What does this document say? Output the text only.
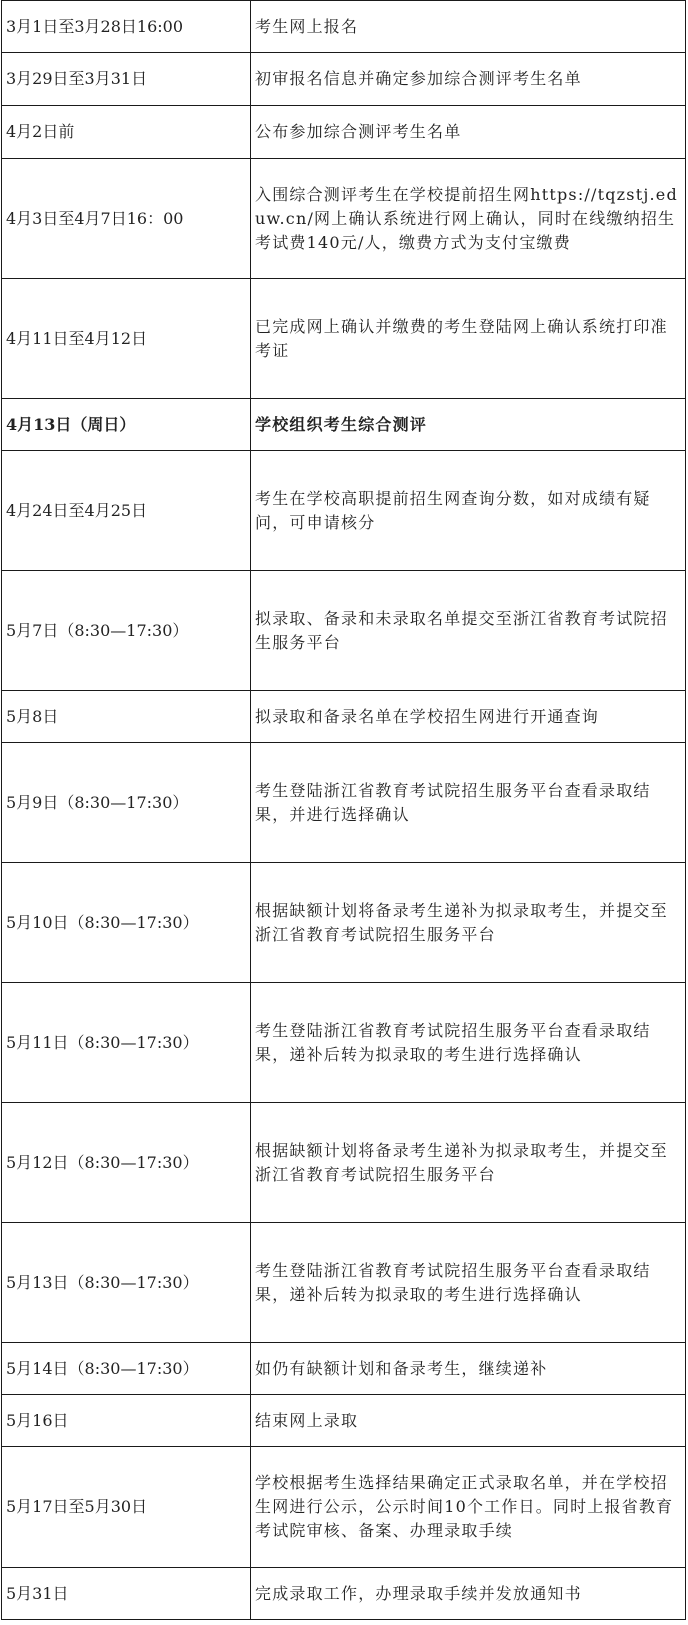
3月1日至3月28日16:00	考生网上报名
3月29日至3月31日	初审报名信息并确定参加综合测评考生名单
4月2日前	公布参加综合测评考生名单
4月3日至4月7日16：00	入围综合测评考生在学校提前招生网https://tqzstj.eduw.cn/网上确认系统进行网上确认，同时在线缴纳招生考试费140元/人，缴费方式为支付宝缴费
4月11日至4月12日	已完成网上确认并缴费的考生登陆网上确认系统打印准考证
4月13日（周日）	学校组织考生综合测评
4月24日至4月25日	考生在学校高职提前招生网查询分数，如对成绩有疑问，可申请核分
5月7日（8:30—17:30）	拟录取、备录和未录取名单提交至浙江省教育考试院招生服务平台
5月8日	拟录取和备录名单在学校招生网进行开通查询
5月9日（8:30—17:30）	考生登陆浙江省教育考试院招生服务平台查看录取结果，并进行选择确认
5月10日（8:30—17:30）	根据缺额计划将备录考生递补为拟录取考生，并提交至浙江省教育考试院招生服务平台
5月11日（8:30—17:30）	考生登陆浙江省教育考试院招生服务平台查看录取结果，递补后转为拟录取的考生进行选择确认
5月12日（8:30—17:30）	根据缺额计划将备录考生递补为拟录取考生，并提交至浙江省教育考试院招生服务平台
5月13日（8:30—17:30）	考生登陆浙江省教育考试院招生服务平台查看录取结果，递补后转为拟录取的考生进行选择确认
5月14日（8:30—17:30）	如仍有缺额计划和备录考生，继续递补
5月16日	结束网上录取
5月17日至5月30日	学校根据考生选择结果确定正式录取名单，并在学校招生网进行公示，公示时间10个工作日。同时上报省教育考试院审核、备案、办理录取手续
5月31日	完成录取工作，办理录取手续并发放通知书
